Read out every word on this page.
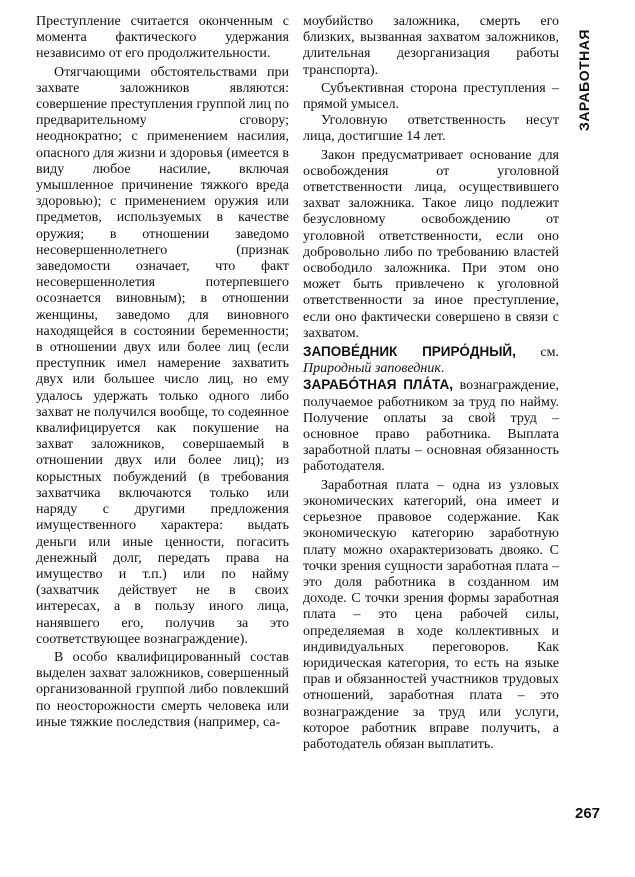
Преступление считается оконченным с момента фактического удержания независимо от его продолжительности.

Отягчающими обстоятельствами при захвате заложников являются: совершение преступления группой лиц по предварительному сговору; неоднократно; с применением насилия, опасного для жизни и здоровья (имеется в виду любое насилие, включая умышленное причинение тяжкого вреда здоровью); с применением оружия или предметов, используемых в качестве оружия; в отношении заведомо несовершеннолетнего (признак заведомости означает, что факт несовершеннолетия потерпевшего осознается виновным); в отношении женщины, заведомо для виновного находящейся в состоянии беременности; в отношении двух или более лиц (если преступник имел намерение захватить двух или большее число лиц, но ему удалось удержать только одного либо захват не получился вообще, то содеянное квалифицируется как покушение на захват заложников, совершаемый в отношении двух или более лиц); из корыстных побуждений (в требования захватчика включаются только или наряду с другими предложения имущественного характера: выдать деньги или иные ценности, погасить денежный долг, передать права на имущество и т.п.) или по найму (захватчик действует не в своих интересах, а в пользу иного лица, нанявшего его, получив за это соответствующее вознаграждение).

В особо квалифицированный состав выделен захват заложников, совершенный организованной группой либо повлекший по неосторожности смерть человека или иные тяжкие последствия (например, са-

моубийство заложника, смерть его близких, вызванная захватом заложников, длительная дезорганизация работы транспорта).

Субъективная сторона преступления – прямой умысел.

Уголовную ответственность несут лица, достигшие 14 лет.

Закон предусматривает основание для освобождения от уголовной ответственности лица, осуществившего захват заложника. Такое лицо подлежит безусловному освобождению от уголовной ответственности, если оно добровольно либо по требованию властей освободило заложника. При этом оно может быть привлечено к уголовной ответственности за иное преступление, если оно фактически совершено в связи с захватом.

ЗАПОВЕ́ДНИК ПРИРО́ДНЫЙ, см. Природный заповедник.

ЗАРАБО́ТНАЯ ПЛА́ТА, вознаграждение, получаемое работником за труд по найму. Получение оплаты за свой труд – основное право работника. Выплата заработной платы – основная обязанность работодателя.

Заработная плата – одна из узловых экономических категорий, она имеет и серьезное правовое содержание. Как экономическую категорию заработную плату можно охарактеризовать двояко. С точки зрения сущности заработная плата – это доля работника в созданном им доходе. С точки зрения формы заработная плата – это цена рабочей силы, определяемая в ходе коллективных и индивидуальных переговоров. Как юридическая категория, то есть на языке прав и обязанностей участников трудовых отношений, заработная плата – это вознаграждение за труд или услуги, которое работник вправе получить, а работодатель обязан выплатить.

ЗАРАБОТНАЯ
267
